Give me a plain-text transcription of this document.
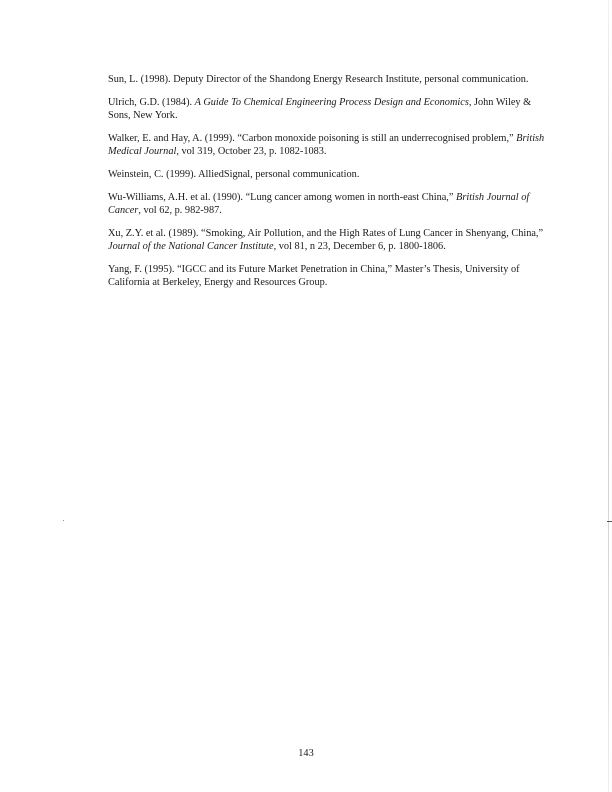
Sun, L. (1998). Deputy Director of the Shandong Energy Research Institute, personal communication.

Ulrich, G.D. (1984). A Guide To Chemical Engineering Process Design and Economics, John Wiley & Sons, New York.

Walker, E. and Hay, A. (1999). “Carbon monoxide poisoning is still an underrecognised problem,” British Medical Journal, vol 319, October 23, p. 1082-1083.

Weinstein, C. (1999). AlliedSignal, personal communication.

Wu-Williams, A.H. et al. (1990). “Lung cancer among women in north-east China,” British Journal of Cancer, vol 62, p. 982-987.

Xu, Z.Y. et al. (1989). “Smoking, Air Pollution, and the High Rates of Lung Cancer in Shenyang, China,” Journal of the National Cancer Institute, vol 81, n 23, December 6, p. 1800-1806.

Yang, F. (1995). “IGCC and its Future Market Penetration in China,” Master’s Thesis, University of California at Berkeley, Energy and Resources Group.

143
